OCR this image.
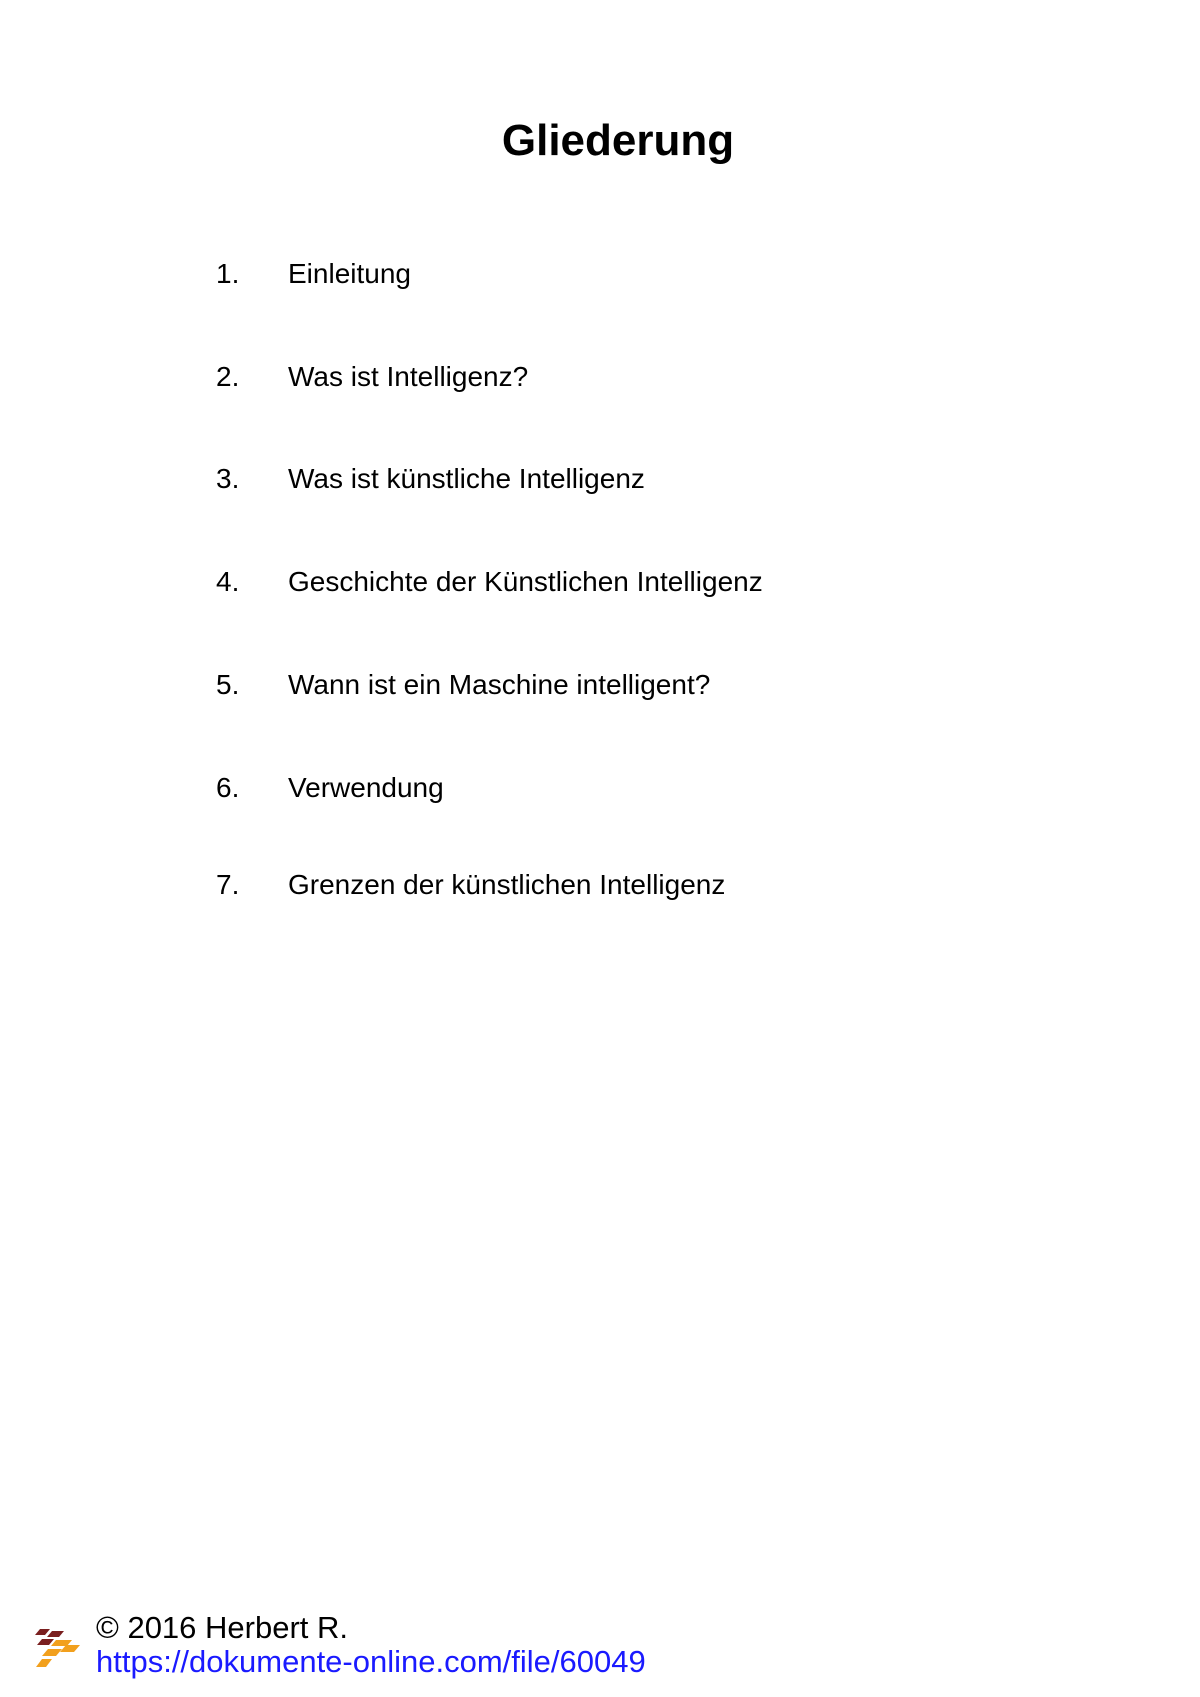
Gliederung
1. Einleitung
2. Was ist Intelligenz?
3. Was ist künstliche Intelligenz
4. Geschichte der Künstlichen Intelligenz
5. Wann ist ein Maschine intelligent?
6. Verwendung
7. Grenzen der künstlichen Intelligenz
© 2016 Herbert R.
https://dokumente-online.com/file/60049
